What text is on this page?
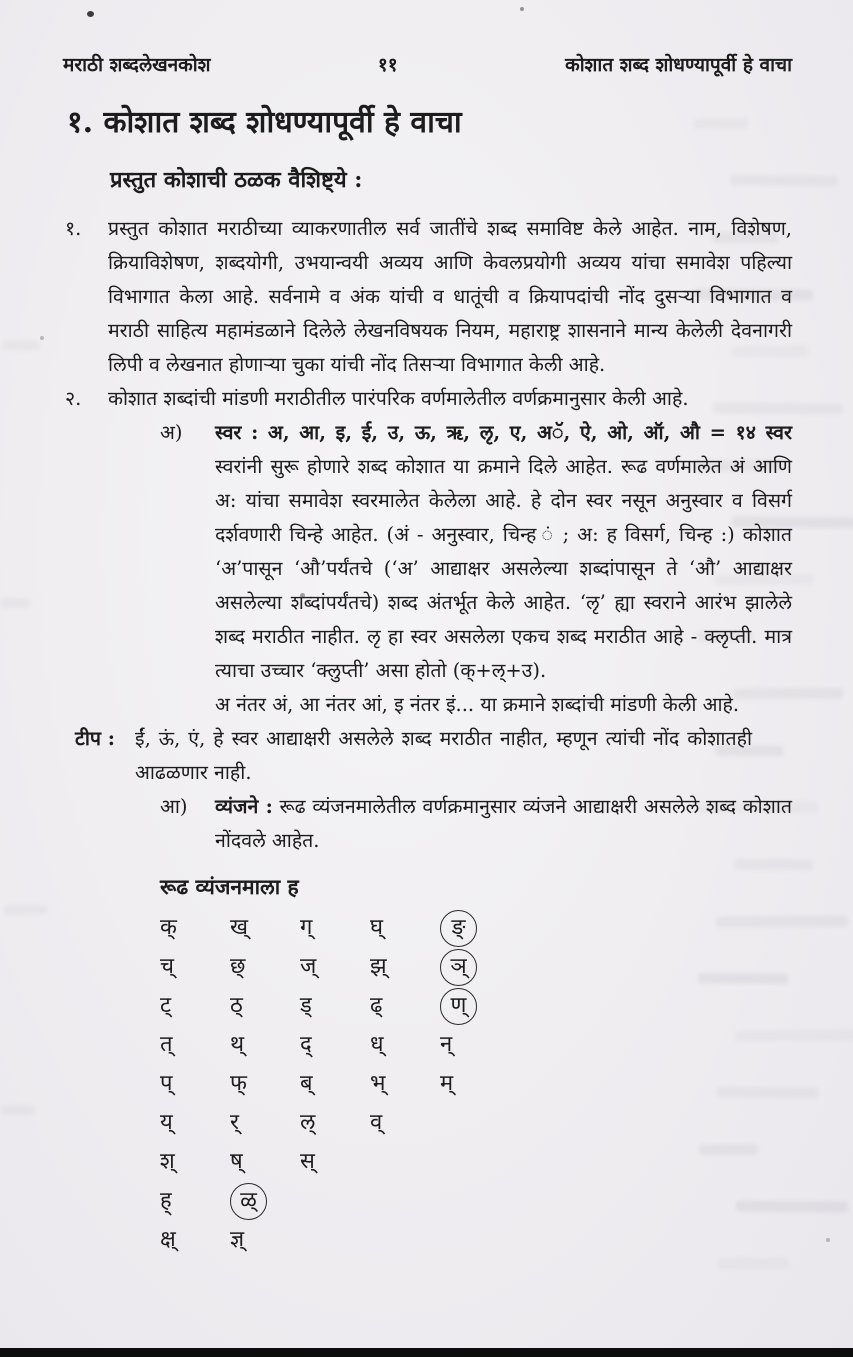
मराठी शब्दलेखनकोश	११	कोशात शब्द शोधण्यापूर्वी हे वाचा
१. कोशात शब्द शोधण्यापूर्वी हे वाचा
प्रस्तुत कोशाची ठळक वैशिष्ट्ये :
१. प्रस्तुत कोशात मराठीच्या व्याकरणातील सर्व जातींचे शब्द समाविष्ट केले आहेत. नाम, विशेषण, क्रियाविशेषण, शब्दयोगी, उभयान्वयी अव्यय आणि केवलप्रयोगी अव्यय यांचा समावेश पहिल्या विभागात केला आहे. सर्वनामे व अंक यांची व धातूंची व क्रियापदांची नोंद दुसऱ्या विभागात व मराठी साहित्य महामंडळाने दिलेले लेखनविषयक नियम, महाराष्ट्र शासनाने मान्य केलेली देवनागरी लिपी व लेखनात होणाऱ्या चुका यांची नोंद तिसऱ्या विभागात केली आहे.
२. कोशात शब्दांची मांडणी मराठीतील पारंपरिक वर्णमालेतील वर्णक्रमानुसार केली आहे.
अ) स्वर : अ, आ, इ, ई, उ, ऊ, ऋ, लृ, ए, अॅ, ऐ, ओ, ऑ, औ = १४ स्वर स्वरांनी सुरू होणारे शब्द कोशात या क्रमाने दिले आहेत. रूढ वर्णमालेत अं आणि अ: यांचा समावेश स्वरमालेत केलेला आहे. हे दोन स्वर नसून अनुस्वार व विसर्ग दर्शवणारी चिन्हे आहेत. (अं - अनुस्वार, चिन्ह ं ; अ: ह विसर्ग, चिन्ह :) कोशात ‘अ’पासून ‘औ’पर्यंतचे (‘अ’ आद्याक्षर असलेल्या शब्दांपासून ते ‘औ’ आद्याक्षर असलेल्या शब्दांपर्यंतचे) शब्द अंतर्भूत केले आहेत. ‘लृ’ ह्या स्वराने आरंभ झालेले शब्द मराठीत नाहीत. लृ हा स्वर असलेला एकच शब्द मराठीत आहे - क्लृप्ती. मात्र त्याचा उच्चार ‘क्लुप्ती’ असा होतो (क्+ल्+उ).
अ नंतर अं, आ नंतर आं, इ नंतर इं... या क्रमाने शब्दांची मांडणी केली आहे.
टीप :	ईं, ऊं, एं, हे स्वर आद्याक्षरी असलेले शब्द मराठीत नाहीत, म्हणून त्यांची नोंद कोशातही आढळणार नाही.
आ) व्यंजने : रूढ व्यंजनमालेतील वर्णक्रमानुसार व्यंजने आद्याक्षरी असलेले शब्द कोशात नोंदवले आहेत.
रूढ व्यंजनमाला ह
क्	ख्	ग्	घ्	ङ्
च्	छ्	ज्	झ्	ञ्
ट्	ठ्	ड्	ढ्	ण्
त्	थ्	द्	ध्	न्
प्	फ्	ब्	भ्	म्
य्	र्	ल्	व्
श्	ष्	स्
ह्	ळ्
क्ष्	ज्ञ्
